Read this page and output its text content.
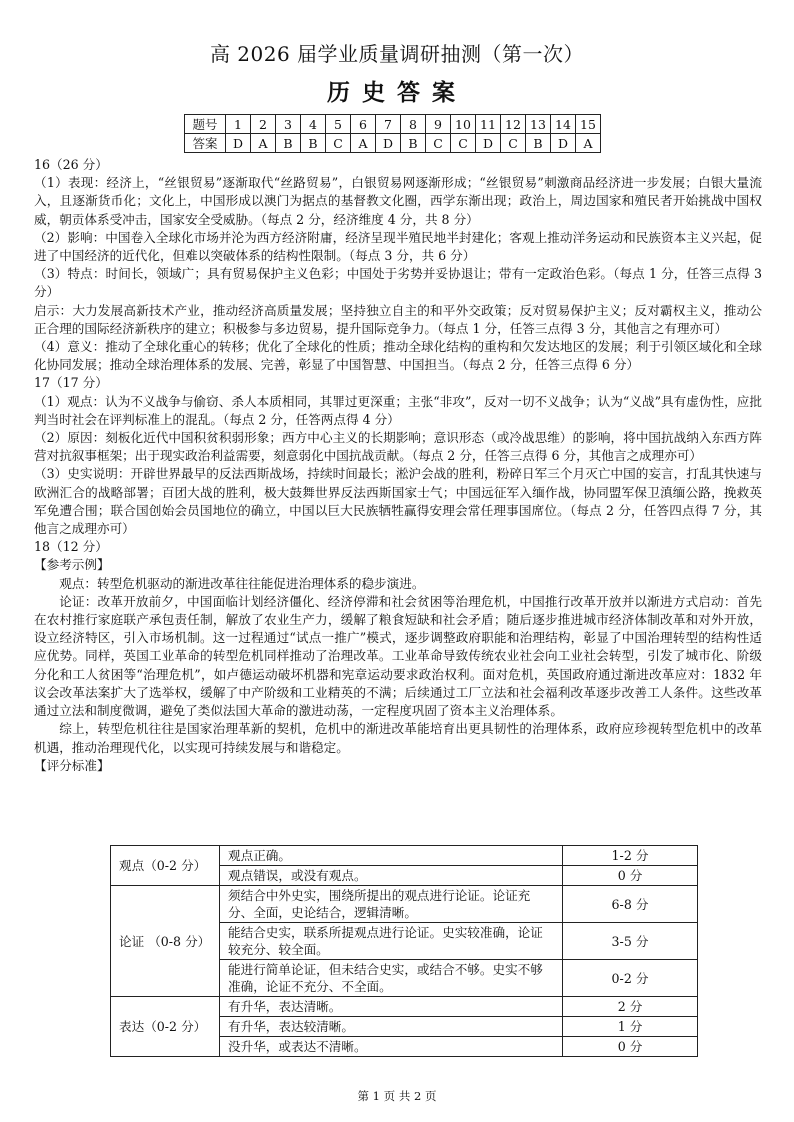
高 2026 届学业质量调研抽测（第一次）
历史答案
题号	1	2	3	4	5	6	7	8	9	10	11	12	13	14	15
答案	D	A	B	B	C	A	D	B	C	C	D	C	B	D	A

16（26 分）

（1）表现：经济上，“丝银贸易”逐渐取代“丝路贸易”，白银贸易网逐渐形成；“丝银贸易”刺激商品经济进一步发展；白银大量流入，且逐渐货币化；文化上，中国形成以澳门为据点的基督教文化圈，西学东渐出现；政治上，周边国家和殖民者开始挑战中国权威，朝贡体系受冲击，国家安全受威胁。（每点 2 分，经济维度 4 分，共 8 分）

（2）影响：中国卷入全球化市场并沦为西方经济附庸，经济呈现半殖民地半封建化；客观上推动洋务运动和民族资本主义兴起，促进了中国经济的近代化，但难以突破体系的结构性限制。（每点 3 分，共 6 分）

（3）特点：时间长，领域广；具有贸易保护主义色彩；中国处于劣势并妥协退让；带有一定政治色彩。（每点 1 分，任答三点得 3 分）

启示：大力发展高新技术产业，推动经济高质量发展；坚持独立自主的和平外交政策；反对贸易保护主义；反对霸权主义，推动公正合理的国际经济新秩序的建立；积极参与多边贸易，提升国际竞争力。（每点 1 分，任答三点得 3 分，其他言之有理亦可）

（4）意义：推动了全球化重心的转移；优化了全球化的性质；推动全球化结构的重构和欠发达地区的发展；利于引领区域化和全球化协同发展；推动全球治理体系的发展、完善，彰显了中国智慧、中国担当。（每点 2 分，任答三点得 6 分）

17（17 分）

（1）观点：认为不义战争与偷窃、杀人本质相同，其罪过更深重；主张“非攻”，反对一切不义战争；认为“义战”具有虚伪性，应批判当时社会在评判标准上的混乱。（每点 2 分，任答两点得 4 分）

（2）原因：刻板化近代中国积贫积弱形象；西方中心主义的长期影响；意识形态（或冷战思维）的影响，将中国抗战纳入东西方阵营对抗叙事框架；出于现实政治利益需要，刻意弱化中国抗战贡献。（每点 2 分，任答三点得 6 分，其他言之成理亦可）

（3）史实说明：开辟世界最早的反法西斯战场，持续时间最长；淞沪会战的胜利，粉碎日军三个月灭亡中国的妄言，打乱其快速与欧洲汇合的战略部署；百团大战的胜利，极大鼓舞世界反法西斯国家士气；中国远征军入缅作战，协同盟军保卫滇缅公路，挽救英军免遭合围；联合国创始会员国地位的确立，中国以巨大民族牺牲赢得安理会常任理事国席位。（每点 2 分，任答四点得 7 分，其他言之成理亦可）

18（12 分）

【参考示例】

观点：转型危机驱动的渐进改革往往能促进治理体系的稳步演进。

论证：改革开放前夕，中国面临计划经济僵化、经济停滞和社会贫困等治理危机，中国推行改革开放并以渐进方式启动：首先在农村推行家庭联产承包责任制，解放了农业生产力，缓解了粮食短缺和社会矛盾；随后逐步推进城市经济体制改革和对外开放，设立经济特区，引入市场机制。这一过程通过“试点一推广”模式，逐步调整政府职能和治理结构，彰显了中国治理转型的结构性适应优势。同样，英国工业革命的转型危机同样推动了治理改革。工业革命导致传统农业社会向工业社会转型，引发了城市化、阶级分化和工人贫困等“治理危机”，如卢德运动破坏机器和宪章运动要求政治权利。面对危机，英国政府通过渐进改革应对：1832 年议会改革法案扩大了选举权，缓解了中产阶级和工业精英的不满；后续通过工厂立法和社会福利改革逐步改善工人条件。这些改革通过立法和制度微调，避免了类似法国大革命的激进动荡，一定程度巩固了资本主义治理体系。

综上，转型危机往往是国家治理革新的契机，危机中的渐进改革能培育出更具韧性的治理体系，政府应珍视转型危机中的改革机遇，推动治理现代化，以实现可持续发展与和谐稳定。

【评分标准】

观点（0-2 分）	观点正确。	1-2 分
	观点错误，或没有观点。	0 分
论证 （0-8 分）	须结合中外史实，围绕所提出的观点进行论证。论证充分、全面，史论结合，逻辑清晰。	6-8 分
	能结合史实，联系所提观点进行论证。史实较准确，论证较充分、较全面。	3-5 分
	能进行简单论证，但未结合史实，或结合不够。史实不够准确，论证不充分、不全面。	0-2 分
表达（0-2 分）	有升华，表达清晰。	2 分
	有升华，表达较清晰。	1 分
	没升华，或表达不清晰。	0 分
第 1 页 共 2 页
